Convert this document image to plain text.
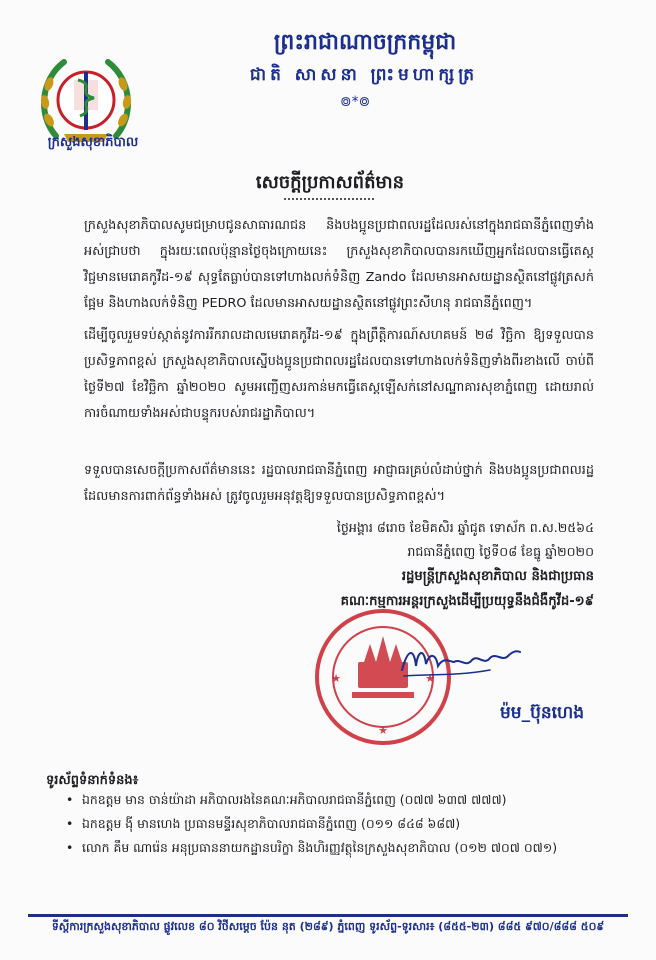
ក្រសួងសុខាភិបាល
ព្រះរាជាណាចក្រកម្ពុជា
ជាតិ សាសនា ព្រះមហាក្សត្រ
៙*៙
សេចក្តីប្រកាសព័ត៌មាន

ក្រសួងសុខាភិបាលសូមជម្រាបជូនសាធារណជន និងបងប្អូនប្រជាពលរដ្ឋដែលរស់នៅក្នុងរាជធានីភ្នំពេញទាំងអស់ជ្រាបថា ក្នុងរយៈពេលប៉ុន្មានថ្ងៃចុងក្រោយនេះ ក្រសួងសុខាភិបាលបានរកឃើញអ្នកដែលបានធ្វើតេស្តវិជ្ជមានមេរោគកូវីដ-១៩ សុទ្ធតែធ្លាប់បានទៅហាងលក់ទំនិញ Zando ដែលមានអាសយដ្ឋានស្ថិតនៅផ្លូវត្រសក់ផ្អែម និងហាងលក់ទំនិញ PEDRO ដែលមានអាសយដ្ឋានស្ថិតនៅផ្លូវព្រះសីហនុ រាជធានីភ្នំពេញ។

ដើម្បីចូលរួមទប់ស្កាត់នូវការរីករាលដាលមេរោគកូវីដ-១៩ ក្នុងព្រឹត្តិការណ៍សហគមន៍ ២៨ វិច្ឆិកា ឱ្យទទួលបានប្រសិទ្ធភាពខ្ពស់ ក្រសួងសុខាភិបាលស្នើបងប្អូនប្រជាពលរដ្ឋដែលបានទៅហាងលក់ទំនិញទាំងពីរខាងលើ ចាប់ពីថ្ងៃទី២៧ ខែវិច្ឆិកា ឆ្នាំ២០២០ សូមអញ្ជើញសរកាន់មកធ្វើតេស្តឡើសក់នៅសណ្ឋាគារសុខាភ្នំពេញ ដោយរាល់ការចំណាយទាំងអស់ជាបន្ទុករបស់រាជរដ្ឋាភិបាល។

ទទួលបានសេចក្តីប្រកាសព័ត៌មាននេះ រដ្ឋបាលរាជធានីភ្នំពេញ អាជ្ញាធរគ្រប់លំដាប់ថ្នាក់ និងបងប្អូនប្រជាពលរដ្ឋដែលមានការពាក់ព័ន្ធទាំងអស់ ត្រូវចូលរួមអនុវត្តឱ្យទទួលបានប្រសិទ្ធភាពខ្ពស់។

ថ្ងៃអង្គារ ៨រោច ខែមិគសិរ ឆ្នាំជូត ទោស័ក ព.ស.២៥៦៤
រាជធានីភ្នំពេញ ថ្ងៃទី០៨ ខែធ្នូ ឆ្នាំ២០២០
រដ្ឋមន្ត្រីក្រសួងសុខាភិបាល និងជាប្រធាន
គណៈកម្មការអន្តរក្រសួងដើម្បីប្រយុទ្ធនឹងជំងឺកូវីដ-១៩
★
★	★
ម៉ម_ប៊ុនហេង
ទូរស័ព្ទទំនាក់ទំនង៖
• ឯកឧត្តម មាន ចាន់យ៉ាដា អភិបាលរងនៃគណៈអភិបាលរាជធានីភ្នំពេញ (០៧៧ ៦៣៧ ៧៧៧)
• ឯកឧត្តម ង៉ី មានហេង ប្រធានមន្ទីរសុខាភិបាលរាជធានីភ្នំពេញ (០១១ ៨៤៨ ៦៨៧)
• លោក គឹម ណារ៉េន អនុប្រធាននាយកដ្ឋានបរិក្ខា និងហិរញ្ញវត្ថុនៃក្រសួងសុខាភិបាល (០១២ ៧០៧ ០៧១)
ទីស្តីការក្រសួងសុខាភិបាល ផ្លូវលេខ ៨០ វិថីសម្តេច ប៉ែន នុត (២៨៩) ភ្នំពេញ ទូរស័ព្ទ-ទូរសារ៖ (៨៥៥-២៣) ៨៨៥ ៩៧០/៨៨៨ ៥០៩
